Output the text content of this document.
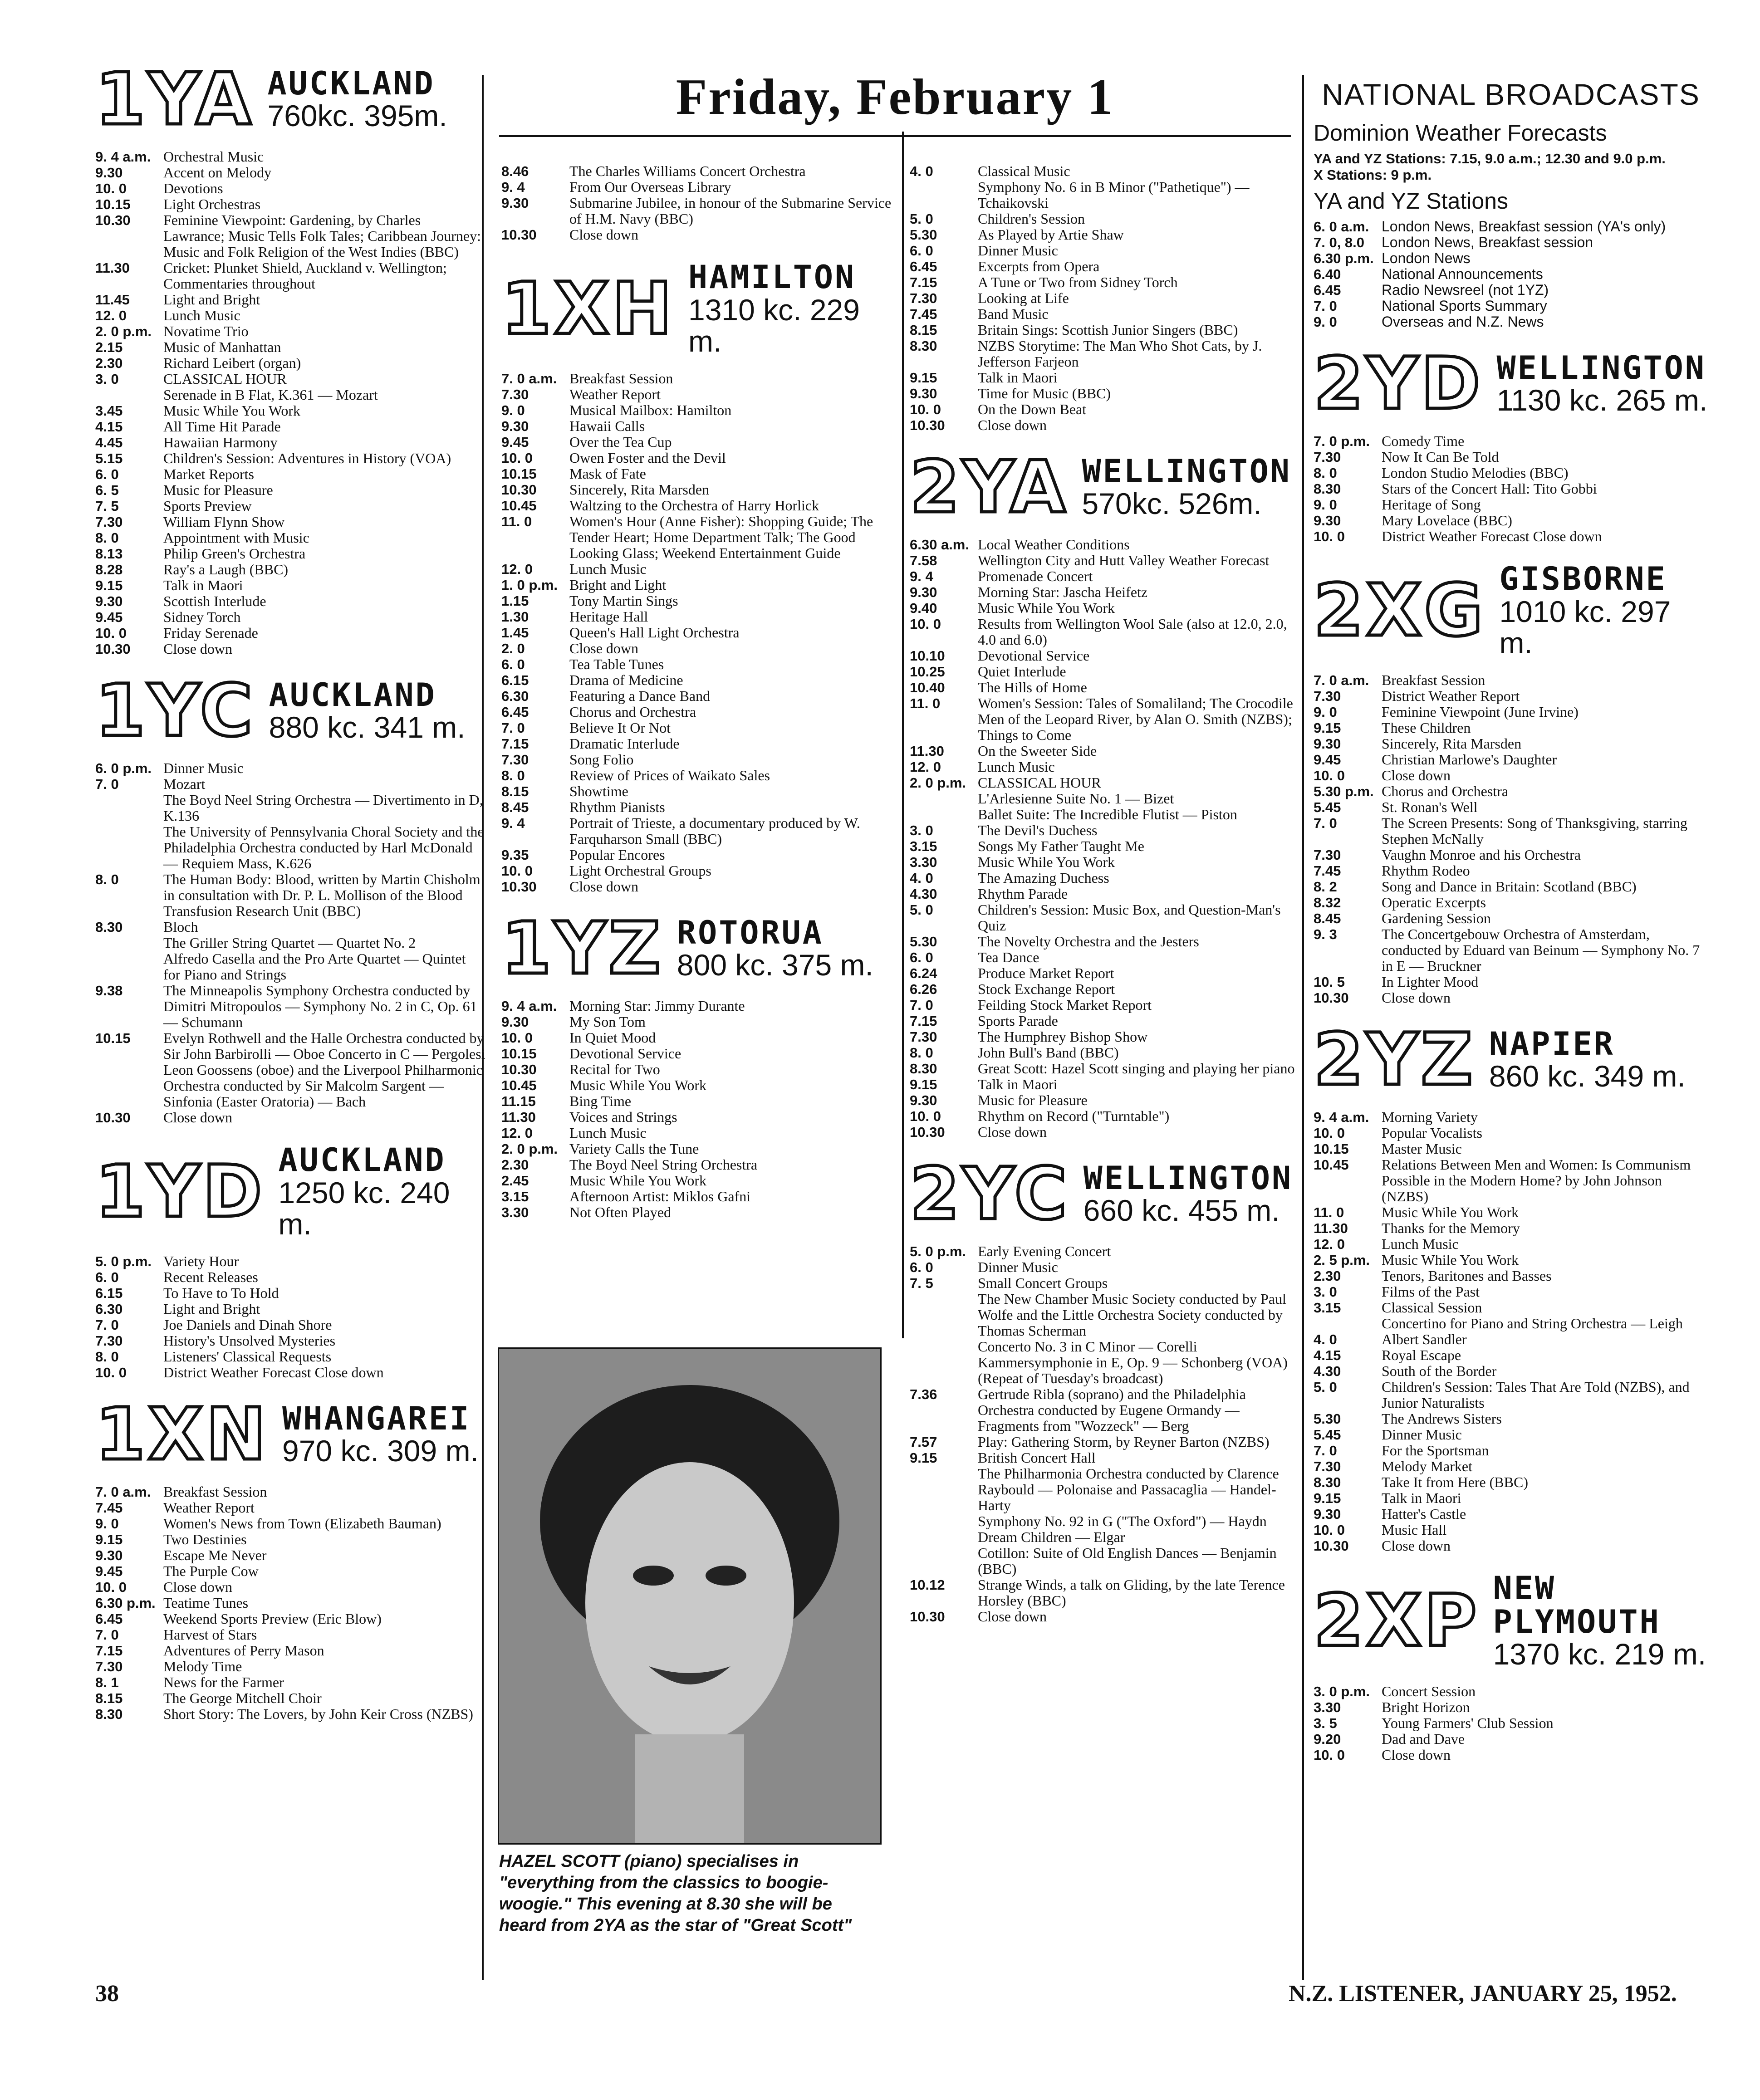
Friday, February 1
1YA AUCKLAND
760kc. 395m.
9. 4 a.m. Orchestral Music
9.30	Accent on Melody
10. 0	Devotions
10.15	Light Orchestras
10.30	Feminine Viewpoint: Gardening, by Charles Lawrance; Music Tells Folk Tales; Caribbean Journey: Music and Folk Religion of the West Indies (BBC)
11.30	Cricket: Plunket Shield, Auckland v. Wellington; Commentaries throughout
11.45	Light and Bright
12. 0	Lunch Music
2. 0 p.m. Novatime Trio
2.15	Music of Manhattan
2.30	Richard Leibert (organ)
3. 0	CLASSICAL HOUR
Serenade in B Flat, K.361 — Mozart
3.45	Music While You Work
4.15	All Time Hit Parade
4.45	Hawaiian Harmony
5.15	Children's Session: Adventures in History (VOA)
6. 0	Market Reports
6. 5	Music for Pleasure
7. 5	Sports Preview
7.30	William Flynn Show
8. 0	Appointment with Music
8.13	Philip Green's Orchestra
8.28	Ray's a Laugh (BBC)
9.15	Talk in Maori
9.30	Scottish Interlude
9.45	Sidney Torch
10. 0	Friday Serenade
10.30	Close down
1YC AUCKLAND
880 kc. 341 m.
6. 0 p.m. Dinner Music
7. 0	Mozart
The Boyd Neel String Orchestra — Divertimento in D, K.136
The University of Pennsylvania Choral Society and the Philadelphia Orchestra conducted by Harl McDonald — Requiem Mass, K.626
8. 0	The Human Body: Blood, written by Martin Chisholm in consultation with Dr. P. L. Mollison of the Blood Transfusion Research Unit (BBC)
8.30	Bloch
The Griller String Quartet — Quartet No. 2
Alfredo Casella and the Pro Arte Quartet — Quintet for Piano and Strings
9.38	The Minneapolis Symphony Orchestra conducted by Dimitri Mitropoulos — Symphony No. 2 in C, Op. 61 — Schumann
10.15	Evelyn Rothwell and the Halle Orchestra conducted by Sir John Barbirolli — Oboe Concerto in C — Pergolesi
Leon Goossens (oboe) and the Liverpool Philharmonic Orchestra conducted by Sir Malcolm Sargent — Sinfonia (Easter Oratoria) — Bach
10.30	Close down
1YD AUCKLAND
1250 kc. 240 m.
5. 0 p.m. Variety Hour
6. 0	Recent Releases
6.15	To Have to To Hold
6.30	Light and Bright
7. 0	Joe Daniels and Dinah Shore
7.30	History's Unsolved Mysteries
8. 0	Listeners' Classical Requests
10. 0	District Weather Forecast Close down
1XN WHANGAREI
970 kc. 309 m.
7. 0 a.m. Breakfast Session
7.45	Weather Report
9. 0	Women's News from Town (Elizabeth Bauman)
9.15	Two Destinies
9.30	Escape Me Never
9.45	The Purple Cow
10. 0	Close down
6.30 p.m. Teatime Tunes
6.45	Weekend Sports Preview (Eric Blow)
7. 0	Harvest of Stars
7.15	Adventures of Perry Mason
7.30	Melody Time
8. 1	News for the Farmer
8.15	The George Mitchell Choir
8.30	Short Story: The Lovers, by John Keir Cross (NZBS)
8.46	The Charles Williams Concert Orchestra
9. 4	From Our Overseas Library
9.30	Submarine Jubilee, in honour of the Submarine Service of H.M. Navy (BBC)
10.30	Close down
1XH HAMILTON
1310 kc. 229 m.
7. 0 a.m. Breakfast Session
7.30	Weather Report
9. 0	Musical Mailbox: Hamilton
9.30	Hawaii Calls
9.45	Over the Tea Cup
10. 0	Owen Foster and the Devil
10.15	Mask of Fate
10.30	Sincerely, Rita Marsden
10.45	Waltzing to the Orchestra of Harry Horlick
11. 0	Women's Hour (Anne Fisher): Shopping Guide; The Tender Heart; Home Department Talk; The Good Looking Glass; Weekend Entertainment Guide
12. 0	Lunch Music
1. 0 p.m. Bright and Light
1.15	Tony Martin Sings
1.30	Heritage Hall
1.45	Queen's Hall Light Orchestra
2. 0	Close down
6. 0	Tea Table Tunes
6.15	Drama of Medicine
6.30	Featuring a Dance Band
6.45	Chorus and Orchestra
7. 0	Believe It Or Not
7.15	Dramatic Interlude
7.30	Song Folio
8. 0	Review of Prices of Waikato Sales
8.15	Showtime
8.45	Rhythm Pianists
9. 4	Portrait of Trieste, a documentary produced by W. Farquharson Small (BBC)
9.35	Popular Encores
10. 0	Light Orchestral Groups
10.30	Close down
1YZ ROTORUA
800 kc. 375 m.
9. 4 a.m. Morning Star: Jimmy Durante
9.30	My Son Tom
10. 0	In Quiet Mood
10.15	Devotional Service
10.30	Recital for Two
10.45	Music While You Work
11.15	Bing Time
11.30	Voices and Strings
12. 0	Lunch Music
2. 0 p.m. Variety Calls the Tune
2.30	The Boyd Neel String Orchestra
2.45	Music While You Work
3.15	Afternoon Artist: Miklos Gafni
3.30	Not Often Played
HAZEL SCOTT (piano) specialises in "everything from the classics to boogie-woogie." This evening at 8.30 she will be heard from 2YA as the star of "Great Scott"
4. 0	Classical Music
Symphony No. 6 in B Minor ("Pathetique") — Tchaikovski
5. 0	Children's Session
5.30	As Played by Artie Shaw
6. 0	Dinner Music
6.45	Excerpts from Opera
7.15	A Tune or Two from Sidney Torch
7.30	Looking at Life
7.45	Band Music
8.15	Britain Sings: Scottish Junior Singers (BBC)
8.30	NZBS Storytime: The Man Who Shot Cats, by J. Jefferson Farjeon
9.15	Talk in Maori
9.30	Time for Music (BBC)
10. 0	On the Down Beat
10.30	Close down
2YA WELLINGTON
570kc. 526m.
6.30 a.m. Local Weather Conditions
7.58	Wellington City and Hutt Valley Weather Forecast
9. 4	Promenade Concert
9.30	Morning Star: Jascha Heifetz
9.40	Music While You Work
10. 0	Results from Wellington Wool Sale (also at 12.0, 2.0, 4.0 and 6.0)
10.10	Devotional Service
10.25	Quiet Interlude
10.40	The Hills of Home
11. 0	Women's Session: Tales of Somaliland; The Crocodile Men of the Leopard River, by Alan O. Smith (NZBS); Things to Come
11.30	On the Sweeter Side
12. 0	Lunch Music
2. 0 p.m. CLASSICAL HOUR
L'Arlesienne Suite No. 1 — Bizet
Ballet Suite: The Incredible Flutist — Piston
3. 0	The Devil's Duchess
3.15	Songs My Father Taught Me
3.30	Music While You Work
4. 0	The Amazing Duchess
4.30	Rhythm Parade
5. 0	Children's Session: Music Box, and Question-Man's Quiz
5.30	The Novelty Orchestra and the Jesters
6. 0	Tea Dance
6.24	Produce Market Report
6.26	Stock Exchange Report
7. 0	Feilding Stock Market Report
7.15	Sports Parade
7.30	The Humphrey Bishop Show
8. 0	John Bull's Band (BBC)
8.30	Great Scott: Hazel Scott singing and playing her piano
9.15	Talk in Maori
9.30	Music for Pleasure
10. 0	Rhythm on Record ("Turntable")
10.30	Close down
2YC WELLINGTON
660 kc. 455 m.
5. 0 p.m. Early Evening Concert
6. 0	Dinner Music
7. 5	Small Concert Groups
The New Chamber Music Society conducted by Paul Wolfe and the Little Orchestra Society conducted by Thomas Scherman
Concerto No. 3 in C Minor — Corelli
Kammersymphonie in E, Op. 9 — Schonberg (VOA)
(Repeat of Tuesday's broadcast)
7.36	Gertrude Ribla (soprano) and the Philadelphia Orchestra conducted by Eugene Ormandy — Fragments from "Wozzeck" — Berg
7.57	Play: Gathering Storm, by Reyner Barton (NZBS)
9.15	British Concert Hall
The Philharmonia Orchestra conducted by Clarence Raybould — Polonaise and Passacaglia — Handel-Harty
Symphony No. 92 in G ("The Oxford") — Haydn
Dream Children — Elgar
Cotillon: Suite of Old English Dances — Benjamin (BBC)
10.12	Strange Winds, a talk on Gliding, by the late Terence Horsley (BBC)
10.30	Close down
NATIONAL BROADCASTS
Dominion Weather Forecasts
YA and YZ Stations: 7.15, 9.0 a.m.; 12.30 and 9.0 p.m.
X Stations: 9 p.m.
YA and YZ Stations
6. 0 a.m. London News, Breakfast session (YA's only)
7. 0, 8.0	London News, Breakfast session
6.30 p.m. London News
6.40	National Announcements
6.45	Radio Newsreel (not 1YZ)
7. 0	National Sports Summary
9. 0	Overseas and N.Z. News
2YD WELLINGTON
1130 kc. 265 m.
7. 0 p.m. Comedy Time
7.30	Now It Can Be Told
8. 0	London Studio Melodies (BBC)
8.30	Stars of the Concert Hall: Tito Gobbi
9. 0	Heritage of Song
9.30	Mary Lovelace (BBC)
10. 0	District Weather Forecast Close down
2XG GISBORNE
1010 kc. 297 m.
7. 0 a.m. Breakfast Session
7.30	District Weather Report
9. 0	Feminine Viewpoint (June Irvine)
9.15	These Children
9.30	Sincerely, Rita Marsden
9.45	Christian Marlowe's Daughter
10. 0	Close down
5.30 p.m. Chorus and Orchestra
5.45	St. Ronan's Well
7. 0	The Screen Presents: Song of Thanksgiving, starring Stephen McNally
7.30	Vaughn Monroe and his Orchestra
7.45	Rhythm Rodeo
8. 2	Song and Dance in Britain: Scotland (BBC)
8.32	Operatic Excerpts
8.45	Gardening Session
9. 3	The Concertgebouw Orchestra of Amsterdam, conducted by Eduard van Beinum — Symphony No. 7 in E — Bruckner
10. 5	In Lighter Mood
10.30	Close down
2YZ NAPIER
860 kc. 349 m.
9. 4 a.m. Morning Variety
10. 0	Popular Vocalists
10.15	Master Music
10.45	Relations Between Men and Women: Is Communism Possible in the Modern Home? by John Johnson (NZBS)
11. 0	Music While You Work
11.30	Thanks for the Memory
12. 0	Lunch Music
2. 5 p.m. Music While You Work
2.30	Tenors, Baritones and Basses
3. 0	Films of the Past
3.15	Classical Session
Concertino for Piano and String Orchestra — Leigh
4. 0	Albert Sandler
4.15	Royal Escape
4.30	South of the Border
5. 0	Children's Session: Tales That Are Told (NZBS), and Junior Naturalists
5.30	The Andrews Sisters
5.45	Dinner Music
7. 0	For the Sportsman
7.30	Melody Market
8.30	Take It from Here (BBC)
9.15	Talk in Maori
9.30	Hatter's Castle
10. 0	Music Hall
10.30	Close down
2XP NEW PLYMOUTH
1370 kc. 219 m.
3. 0 p.m. Concert Session
3.30	Bright Horizon
3. 5	Young Farmers' Club Session
9.20	Dad and Dave
10. 0	Close down
38	N.Z. LISTENER, JANUARY 25, 1952.
